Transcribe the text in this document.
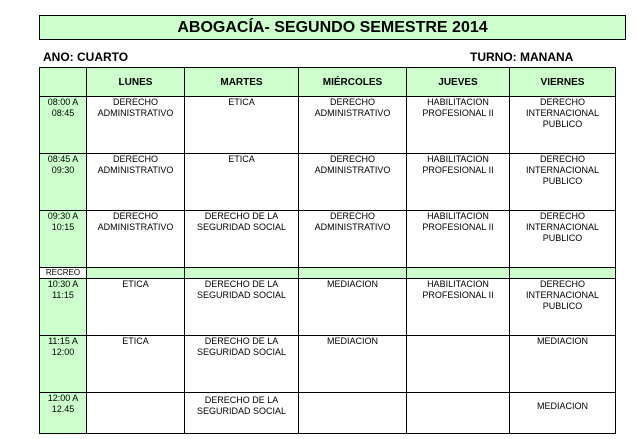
ABOGACÍA- SEGUNDO SEMESTRE 2014
ANO: CUARTO	TURNO: MANANA
	LUNES	MARTES	MIÉRCOLES	JUEVES	VIERNES
08:00 A 08:45	DERECHO ADMINISTRATIVO	ETICA	DERECHO ADMINISTRATIVO	HABILITACION PROFESIONAL II	DERECHO INTERNACIONAL PUBLICO
08:45 A 09:30	DERECHO ADMINISTRATIVO	ETICA	DERECHO ADMINISTRATIVO	HABILITACION PROFESIONAL II	DERECHO INTERNACIONAL PUBLICO
09:30 A 10:15	DERECHO ADMINISTRATIVO	DERECHO DE LA SEGURIDAD SOCIAL	DERECHO ADMINISTRATIVO	HABILITACION PROFESIONAL II	DERECHO INTERNACIONAL PUBLICO
RECREO					
10:30 A 11:15	ETICA	DERECHO DE LA SEGURIDAD SOCIAL	MEDIACION	HABILITACION PROFESIONAL II	DERECHO INTERNACIONAL PUBLICO
11:15 A 12:00	ETICA	DERECHO DE LA SEGURIDAD SOCIAL	MEDIACION		MEDIACION
12:00 A 12.45		DERECHO DE LA SEGURIDAD SOCIAL			MEDIACION
